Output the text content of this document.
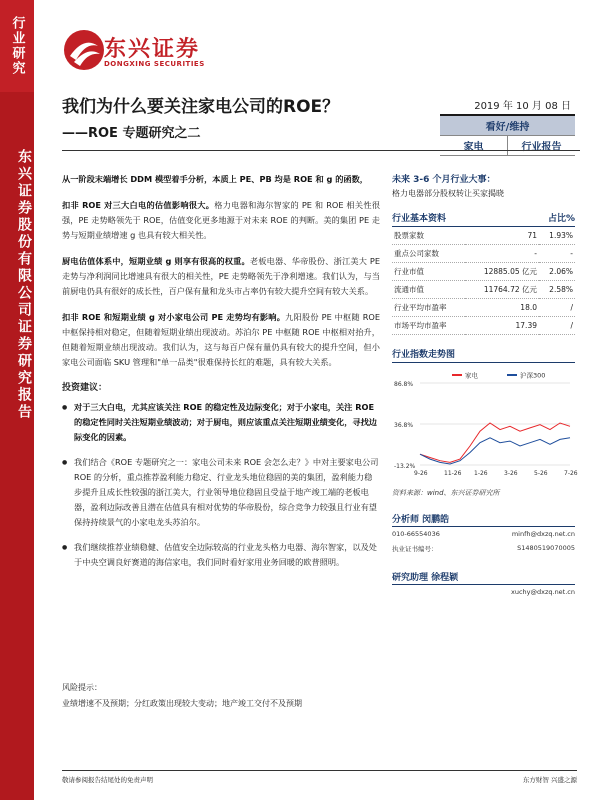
行业研究
东兴证券股份有限公司证券研究报告
东兴证券
DONGXING SECURITIES
我们为什么要关注家电公司的ROE？
——ROE 专题研究之二
2019 年 10 月 08 日
看好/维持
家电	行业报告

从一阶段末端增长 DDM 模型着手分析，本质上 PE、PB 均是 ROE 和 g 的函数，

扣非 ROE 对三大白电的估值影响很大。格力电器和海尔智家的 PE 和 ROE 相关性很强，PE 走势略领先于 ROE，估值变化更多地源于对未来 ROE 的判断。美的集团 PE 走势与短期业绩增速 g 也具有较大相关性。

厨电估值体系中，短期业绩 g 则享有很高的权重。老板电器、华帝股份、浙江美大 PE 走势与净利润同比增速具有很大的相关性，PE 走势略领先于净利增速。我们认为，与当前厨电仍具有很好的成长性，百户保有量和龙头市占率仍有较大提升空间有较大关系。

扣非 ROE 和短期业绩 g 对小家电公司 PE 走势均有影响。九阳股份 PE 中枢随 ROE 中枢保持相对稳定，但随着短期业绩出现波动。苏泊尔 PE 中枢随 ROE 中枢相对抬升，但随着短期业绩出现波动。我们认为，这与每百户保有量仍具有较大的提升空间，但小家电公司面临 SKU 管理和"单一品类"很难保持长红的难题，具有较大关系。

投资建议：
● 对于三大白电，尤其应该关注 ROE 的稳定性及边际变化；对于小家电，关注 ROE 的稳定性同时关注短期业绩波动；对于厨电，则应该重点关注短期业绩变化，寻找边际变化的因素。
● 我们结合《ROE 专题研究之一：家电公司未来 ROE 会怎么走？》中对主要家电公司 ROE 的分析，重点推荐盈利能力稳定、行业龙头地位稳固的美的集团，盈利能力稳步提升且成长性较强的浙江美大，行业领导地位稳固且受益于地产竣工端的老板电器，盈利边际改善且潜在估值具有相对优势的华帝股份，综合竞争力较强且行业有望保持持续景气的小家电龙头苏泊尔。
● 我们继续推荐业绩稳健、估值安全边际较高的行业龙头格力电器、海尔智家，以及处于中央空调良好赛道的海信家电，我们同时看好家用业务回暖的欧普照明。
未来 3-6 个月行业大事：
格力电器部分股权转让买家揭晓
行业基本资料	占比%
股票家数	71	1.93%
重点公司家数	-	-
行业市值	12885.05 亿元	2.06%
流通市值	11764.72 亿元	2.58%
行业平均市盈率	18.0	/
市场平均市盈率	17.39	/
行业指数走势图
86.8%
36.8%
-13.2%
9-26	11-26 1-26	3-26	5-26	7-26
家电	沪深300
资料来源：wind、东兴证券研究所
分析师 闵鹏皓
010-66554036	minfh@dxzq.net.cn
执业证书编号：	S1480519070005
研究助理 徐程颖
xuchy@dxzq.net.cn
风险提示：
业绩增速不及预期；分红政策出现较大变动；地产竣工交付不及预期
敬请参阅报告结尾处的免责声明	东方财智 兴盛之源
